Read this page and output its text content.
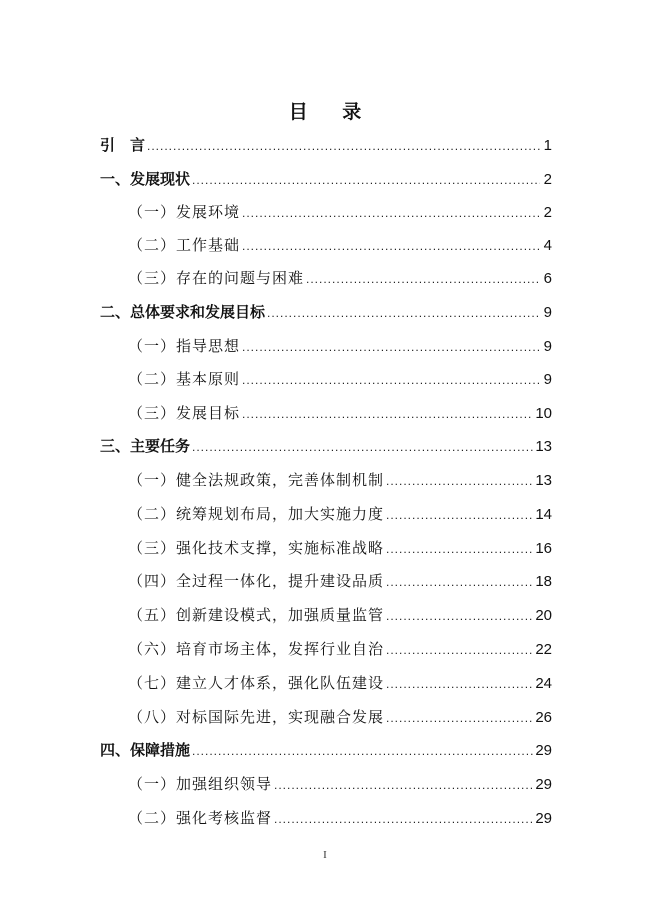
目 录
引　言 .....	1
一、发展现状 .....	2
（一）发展环境 .....	2
（二）工作基础 .....	4
（三）存在的问题与困难 .....	6
二、总体要求和发展目标 .....	9
（一）指导思想 .....	9
（二）基本原则 .....	9
（三）发展目标 .....	10
三、主要任务 .....	13
（一）健全法规政策，完善体制机制 .....	13
（二）统筹规划布局，加大实施力度 .....	14
（三）强化技术支撑，实施标准战略 .....	16
（四）全过程一体化，提升建设品质 .....	18
（五）创新建设模式，加强质量监管 .....	20
（六）培育市场主体，发挥行业自治 .....	22
（七）建立人才体系，强化队伍建设 .....	24
（八）对标国际先进，实现融合发展 .....	26
四、保障措施 .....	29
（一）加强组织领导 .....	29
（二）强化考核监督 .....	29
I
